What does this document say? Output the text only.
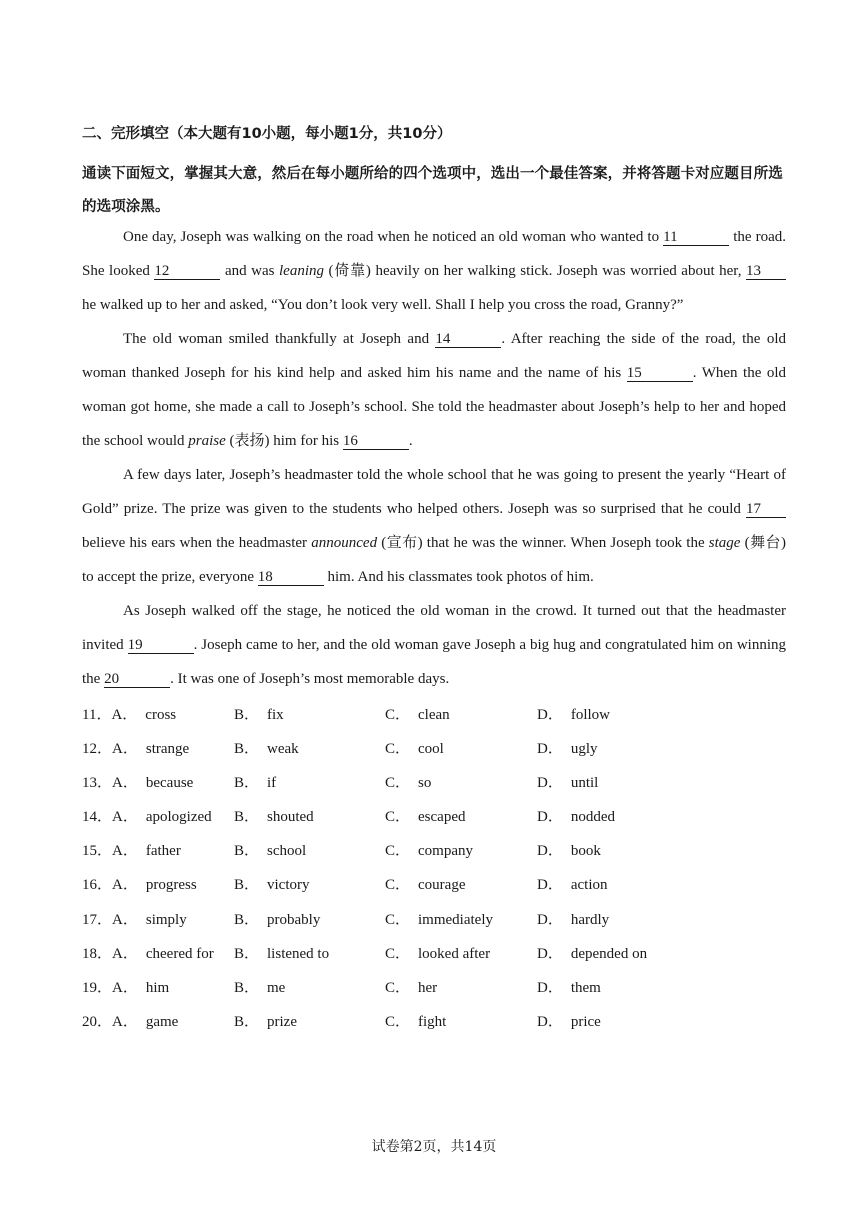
二、完形填空（本大题有10小题，每小题1分，共10分）
通读下面短文，掌握其大意，然后在每小题所给的四个选项中，选出一个最佳答案，并将答题卡对应题目所选的选项涂黑。

One day, Joseph was walking on the road when he noticed an old woman who wanted to 11	the road. She looked 12	and was leaning (倚靠) heavily on her walking stick. Joseph was worried about her, 13 he walked up to her and asked, “You don’t look very well. Shall I help you cross the road, Granny?”

The old woman smiled thankfully at Joseph and 14	. After reaching the side of the road, the old woman thanked Joseph for his kind help and asked him his name and the name of his 15	. When the old woman got home, she made a call to Joseph’s school. She told the headmaster about Joseph’s help to her and hoped the school would praise (表扬) him for his 16	.

A few days later, Joseph’s headmaster told the whole school that he was going to present the yearly “Heart of Gold” prize. The prize was given to the students who helped others. Joseph was so surprised that he could 17 believe his ears when the headmaster announced (宣布) that he was the winner. When Joseph took the stage (舞台) to accept the prize, everyone 18	him. And his classmates took photos of him.

As Joseph walked off the stage, he noticed the old woman in the crowd. It turned out that the headmaster invited 19	. Joseph came to her, and the old woman gave Joseph a big hug and congratulated him on winning the 20	. It was one of Joseph’s most memorable days.

11．A． cross	B． fix	C． clean	D． follow
12．A． strange	B． weak	C． cool	D． ugly
13．A． because	B． if	C． so	D． until
14．A． apologized B． shouted	C． escaped	D． nodded
15．A． father	B． school	C． company	D． book
16．A． progress B． victory	C． courage	D． action
17．A． simply	B． probably	C． immediately	D． hardly
18．A． cheered for B． listened to	C． looked after	D． depended on
19．A． him	B． me	C． her	D． them
20．A． game	B． prize	C． fight	D． price
试卷第2页，共14页
